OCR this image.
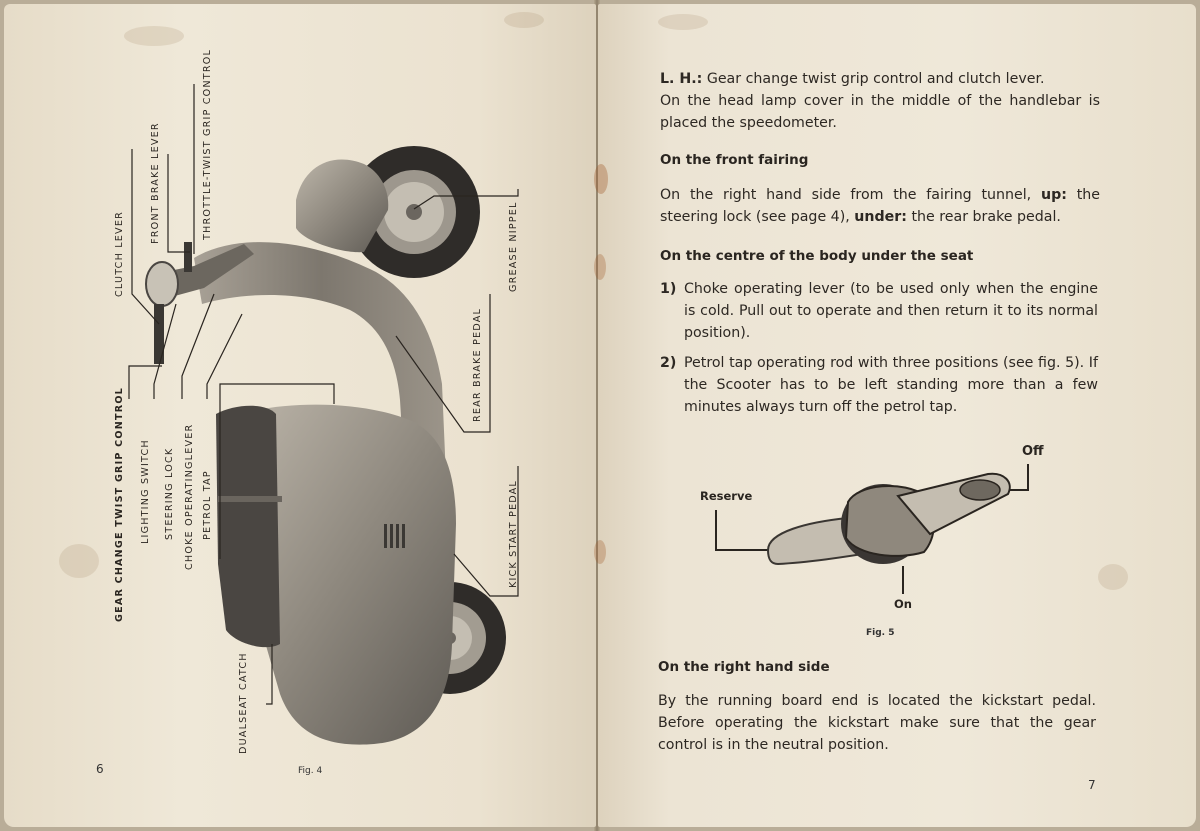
GEAR CHANGE TWIST GRIP CONTROL LIGHTING SWITCH STEERING LOCK CHOKE OPERATINGLEVER PETROL TAP
CLUTCH LEVER
FRONT BRAKE LEVER	THROTTLE-TWIST GRIP CONTROL
GREASE NIPPEL
REAR BRAKE PEDAL
KICK START PEDAL
DUALSEAT CATCH
6	Fig. 4
L. H.: Gear change twist grip control and clutch lever.
On the head lamp cover in the middle of the handlebar is placed the speedometer.
On the front fairing
On the right hand side from the fairing tunnel, up: the steering lock (see page 4), under: the rear brake pedal.
On the centre of the body under the seat
1) Choke operating lever (to be used only when the engine is cold. Pull out to operate and then return it to its normal position).
2) Petrol tap operating rod with three positions (see fig. 5). If the Scooter has to be left standing more than a few minutes always turn off the petrol tap.
Off
Reserve
On
Fig. 5
On the right hand side
By the running board end is located the kickstart pedal. Before operating the kickstart make sure that the gear control is in the neutral position.
7
